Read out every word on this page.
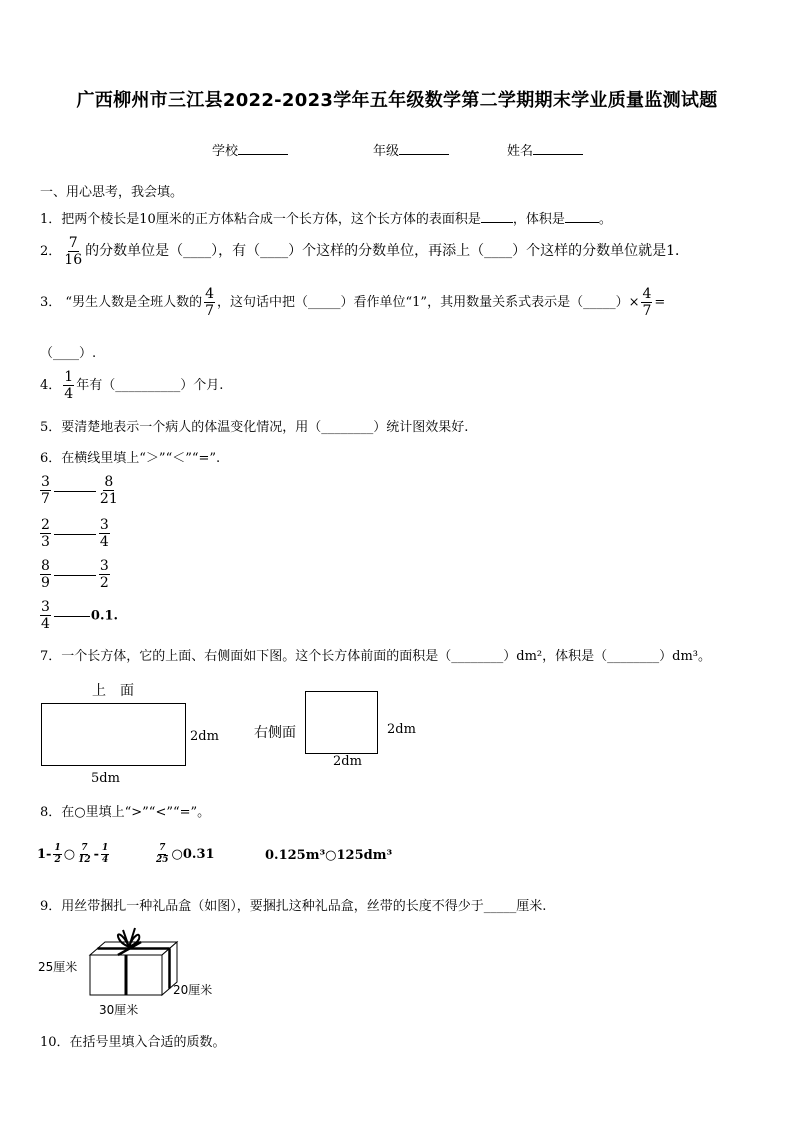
广西柳州市三江县2022-2023学年五年级数学第二学期期末学业质量监测试题
学校	年级	姓名
一、用心思考，我会填。
1．把两个棱长是10厘米的正方体粘合成一个长方体，这个长方体的表面积是 ，体积是	。
2． $\frac{7}{16}$ 的分数单位是（____），有（____）个这样的分数单位，再添上（____）个这样的分数单位就是1．
3． “男生人数是全班人数的 $\frac{4}{7}$ ，这句话中把（_____）看作单位“1”，其用数量关系式表示是（_____）× $\frac{4}{7}$ =
（____）.
4． $\frac{1}{4}$ 年有（__________）个月.
5．要清楚地表示一个病人的体温变化情况，用（________）统计图效果好.
6．在横线里填上“＞”“＜”“=”.
$\frac{3}{7}$	$\frac{8}{21}$
$\frac{2}{3}$	$\frac{3}{4}$
$\frac{8}{9}$	$\frac{3}{2}$
$\frac{3}{4}$	0.1.
7．一个长方体，它的上面、右侧面如下图。这个长方体前面的面积是（________）dm²，体积是（________）dm³。
上　面
2dm
5dm
右侧面	2dm
2dm
8．在○里填上“>”“<”“=”。
$1- \frac{1}{2}$ ○ $\frac{7}{12} - \frac{1}{4}$	$\frac{7}{25}$ ○0.31	0.125m³○125dm³
9．用丝带捆扎一种礼品盒（如图），要捆扎这种礼品盒，丝带的长度不得少于_____厘米.
25厘米
30厘米
20厘米
10．在括号里填入合适的质数。
